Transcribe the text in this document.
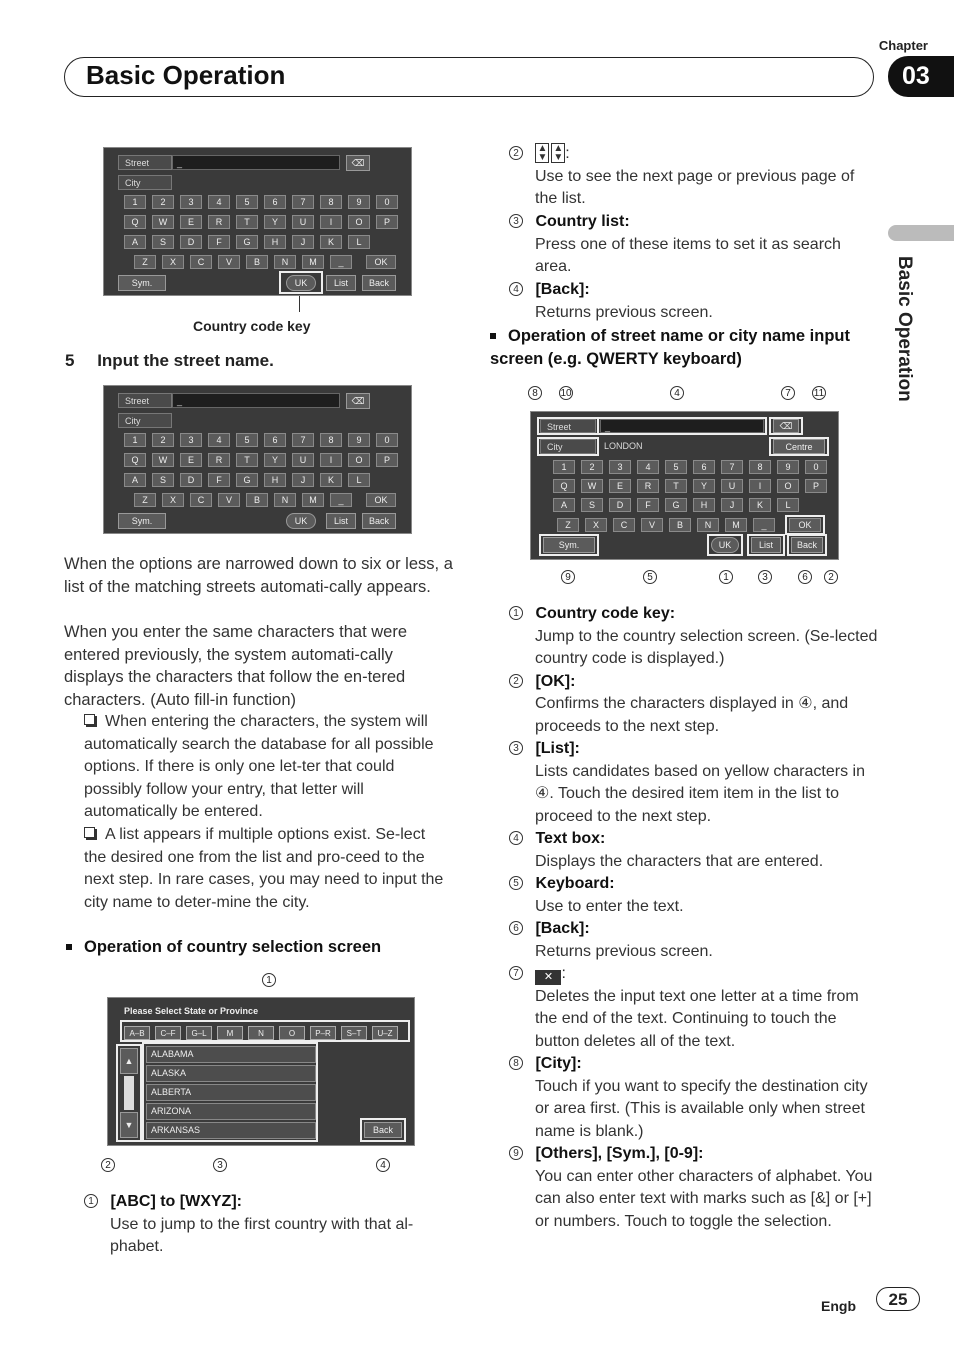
Chapter
Basic Operation	03
Basic Operation
Street	_	⌫
City
1	2	3	4	5	6	7	8	9	0
Q	W	E	R	T	Y	U	I	O	P
A	S	D	F	G	H	J	K	L
Z	X	C	V	B	N	M	_	OK
Sym.	UK	List	Back
Country code key
5 Input the street name.
Street	_	⌫
City
1	2	3	4	5	6	7	8	9	0
Q	W	E	R	T	Y	U	I	O	P
A	S	D	F	G	H	J	K	L
Z	X	C	V	B	N	M	_	OK
Sym.	UK	List	Back
When the options are narrowed down to six or less, a list of the matching streets automati-cally appears.
When you enter the same characters that were entered previously, the system automati-cally displays the characters that follow the en-tered characters. (Auto fill-in function)
When entering the characters, the system will automatically search the database for all possible options. If there is only one let-ter that could possibly follow your entry, that letter will automatically be entered.
A list appears if multiple options exist. Se-lect the desired one from the list and pro-ceed to the next step. In rare cases, you may need to input the city name to deter-mine the city.
Operation of country selection screen
1
Please Select State or Province
A–B	C–F	G–L	M	N	O	P–R	S–T	U–Z
▲
▼
ALABAMA
ALASKA
ALBERTA
ARIZONA
ARKANSAS	Back
2	3	4
1 [ABC] to [WXYZ]:
Use to jump to the first country with that al-phabet.
2 ▲
▼▲
▼ :
Use to see the next page or previous page of the list.
3 Country list:
Press one of these items to set it as search area.
4 [Back]:
Returns previous screen.
Operation of street name or city name input screen (e.g. QWERTY keyboard)
8	10	4	7	11
Street	_	⌫
City	LONDON	Centre
1	2	3	4	5	6	7	8	9	0
Q	W	E	R	T	Y	U	I	O	P
A	S	D	F	G	H	J	K	L
Z	X	C	V	B	N	M	_	OK
Sym.	UK	List	Back
9	5	1	3	6	2
1 Country code key:
Jump to the country selection screen. (Se-lected country code is displayed.)
2 [OK]:
Confirms the characters displayed in ④, and proceeds to the next step.
3 [List]:
Lists candidates based on yellow characters in ④. Touch the desired item item in the list to proceed to the next step.
4 Text box:
Displays the characters that are entered.
5 Keyboard:
Use to enter the text.
6 [Back]:
Returns previous screen.
7 ✕ :
Deletes the input text one letter at a time from the end of the text. Continuing to touch the button deletes all of the text.
8 [City]:
Touch if you want to specify the destination city or area first. (This is available only when street name is blank.)
9 [Others], [Sym.], [0-9]:
You can enter other characters of alphabet. You can also enter text with marks such as [&] or [+] or numbers. Touch to toggle the selection.
Engb	25
